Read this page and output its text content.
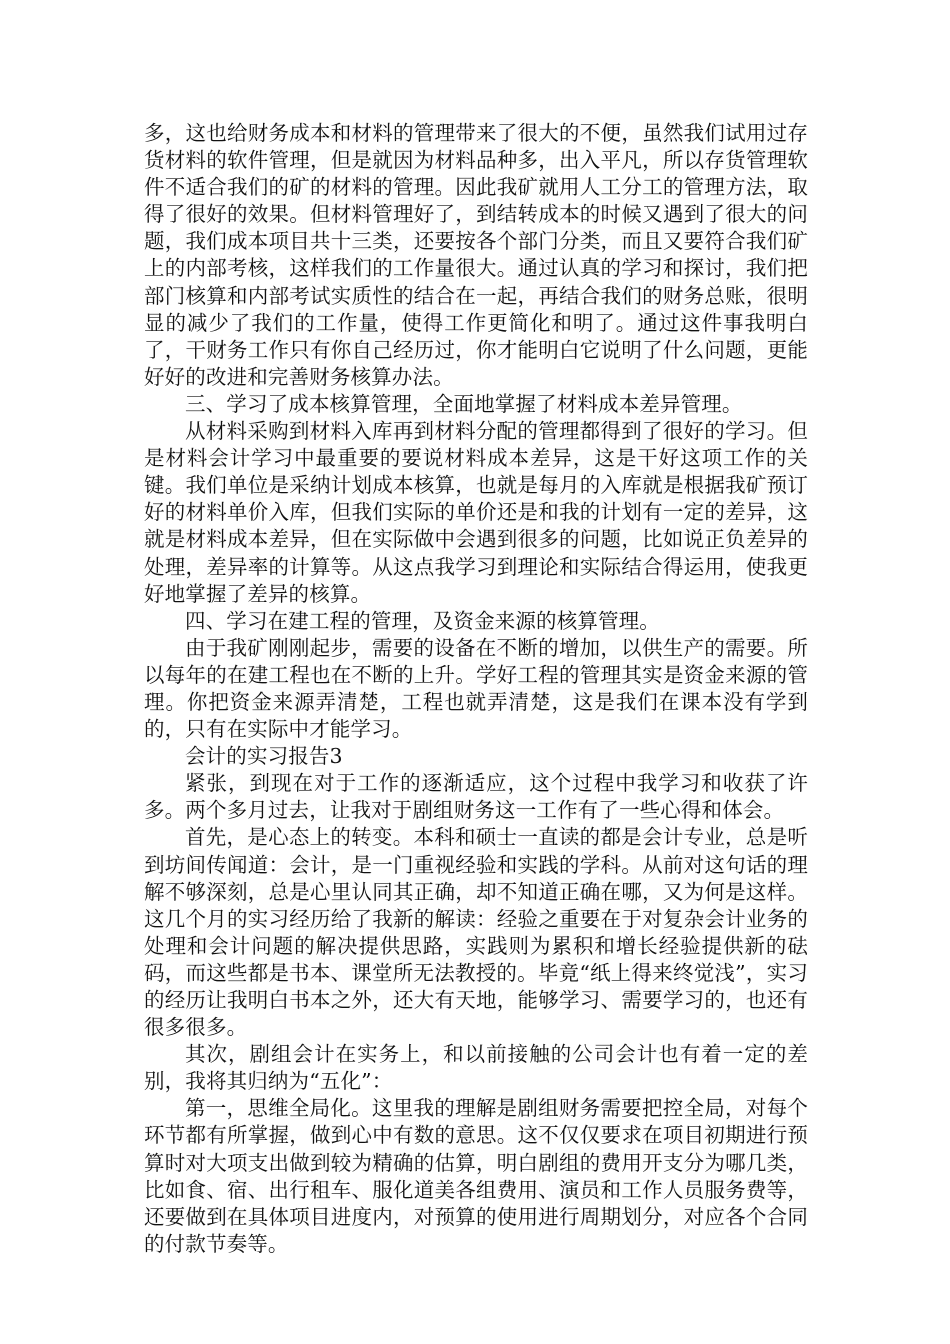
多，这也给财务成本和材料的管理带来了很大的不便，虽然我们试用过存货材料的软件管理，但是就因为材料品种多，出入平凡，所以存货管理软件不适合我们的矿的材料的管理。因此我矿就用人工分工的管理方法，取得了很好的效果。但材料管理好了，到结转成本的时候又遇到了很大的问题，我们成本项目共十三类，还要按各个部门分类，而且又要符合我们矿上的内部考核，这样我们的工作量很大。通过认真的学习和探讨，我们把部门核算和内部考试实质性的结合在一起，再结合我们的财务总账，很明显的减少了我们的工作量，使得工作更简化和明了。通过这件事我明白了，干财务工作只有你自己经历过，你才能明白它说明了什么问题，更能好好的改进和完善财务核算办法。

三、学习了成本核算管理，全面地掌握了材料成本差异管理。

从材料采购到材料入库再到材料分配的管理都得到了很好的学习。但是材料会计学习中最重要的要说材料成本差异，这是干好这项工作的关键。我们单位是采纳计划成本核算，也就是每月的入库就是根据我矿预订好的材料单价入库，但我们实际的单价还是和我的计划有一定的差异，这就是材料成本差异，但在实际做中会遇到很多的问题，比如说正负差异的处理，差异率的计算等。从这点我学习到理论和实际结合得运用，使我更好地掌握了差异的核算。

四、学习在建工程的管理，及资金来源的核算管理。

由于我矿刚刚起步，需要的设备在不断的增加，以供生产的需要。所以每年的在建工程也在不断的上升。学好工程的管理其实是资金来源的管理。你把资金来源弄清楚，工程也就弄清楚，这是我们在课本没有学到的，只有在实际中才能学习。

会计的实习报告3

紧张，到现在对于工作的逐渐适应，这个过程中我学习和收获了许多。两个多月过去，让我对于剧组财务这一工作有了一些心得和体会。

首先，是心态上的转变。本科和硕士一直读的都是会计专业，总是听到坊间传闻道：会计，是一门重视经验和实践的学科。从前对这句话的理解不够深刻，总是心里认同其正确，却不知道正确在哪，又为何是这样。这几个月的实习经历给了我新的解读：经验之重要在于对复杂会计业务的处理和会计问题的解决提供思路，实践则为累积和增长经验提供新的砝码，而这些都是书本、课堂所无法教授的。毕竟“纸上得来终觉浅”，实习的经历让我明白书本之外，还大有天地，能够学习、需要学习的，也还有很多很多。

其次，剧组会计在实务上，和以前接触的公司会计也有着一定的差别，我将其归纳为“五化”：

第一，思维全局化。这里我的理解是剧组财务需要把控全局，对每个环节都有所掌握，做到心中有数的意思。这不仅仅要求在项目初期进行预算时对大项支出做到较为精确的估算，明白剧组的费用开支分为哪几类，比如食、宿、出行租车、服化道美各组费用、演员和工作人员服务费等，还要做到在具体项目进度内，对预算的使用进行周期划分，对应各个合同的付款节奏等。
